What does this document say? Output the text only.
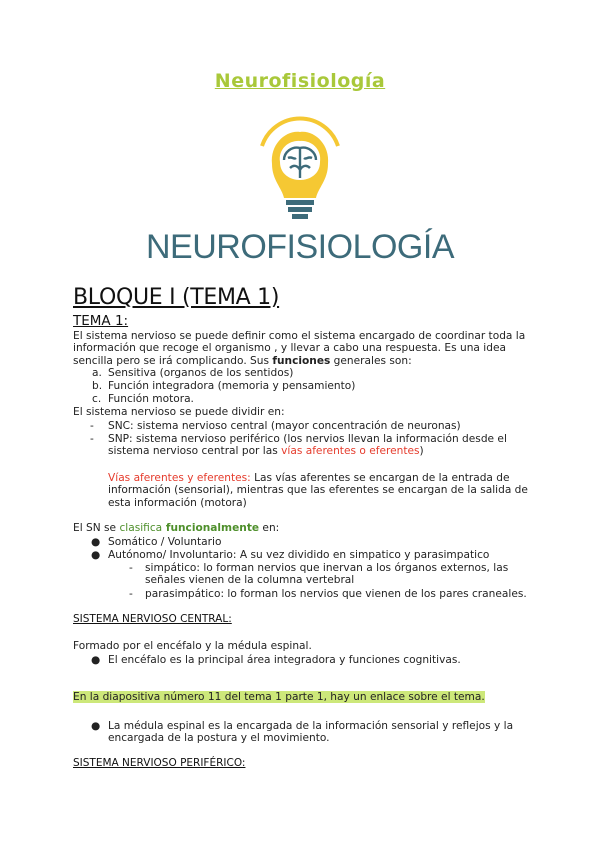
Neurofisiología
NEUROFISIOLOGÍA
BLOQUE I (TEMA 1)
TEMA 1:
El sistema nervioso se puede definir como el sistema encargado de coordinar toda la
información que recoge el organismo , y llevar a cabo una respuesta. Es una idea
sencilla pero se irá complicando. Sus funciones generales son:
a. Sensitiva (organos de los sentidos)
b. Función integradora (memoria y pensamiento)
c. Función motora.
El sistema nervioso se puede dividir en:
- SNC: sistema nervioso central (mayor concentración de neuronas)
- SNP: sistema nervioso periférico (los nervios llevan la información desde el
sistema nervioso central por las vías aferentes o eferentes)
Vías aferentes y eferentes: Las vías aferentes se encargan de la entrada de
información (sensorial), mientras que las eferentes se encargan de la salida de
esta información (motora)
El SN se clasifica funcionalmente en:
● Somático / Voluntario
● Autónomo/ Involuntario: A su vez dividido en simpatico y parasimpatico
- simpático: lo forman nervios que inervan a los órganos externos, las
señales vienen de la columna vertebral
- parasimpático: lo forman los nervios que vienen de los pares craneales.
SISTEMA NERVIOSO CENTRAL:
Formado por el encéfalo y la médula espinal.
● El encéfalo es la principal área integradora y funciones cognitivas.
En la diapositiva número 11 del tema 1 parte 1, hay un enlace sobre el tema.
● La médula espinal es la encargada de la información sensorial y reflejos y la
encargada de la postura y el movimiento.
SISTEMA NERVIOSO PERIFÉRICO:
